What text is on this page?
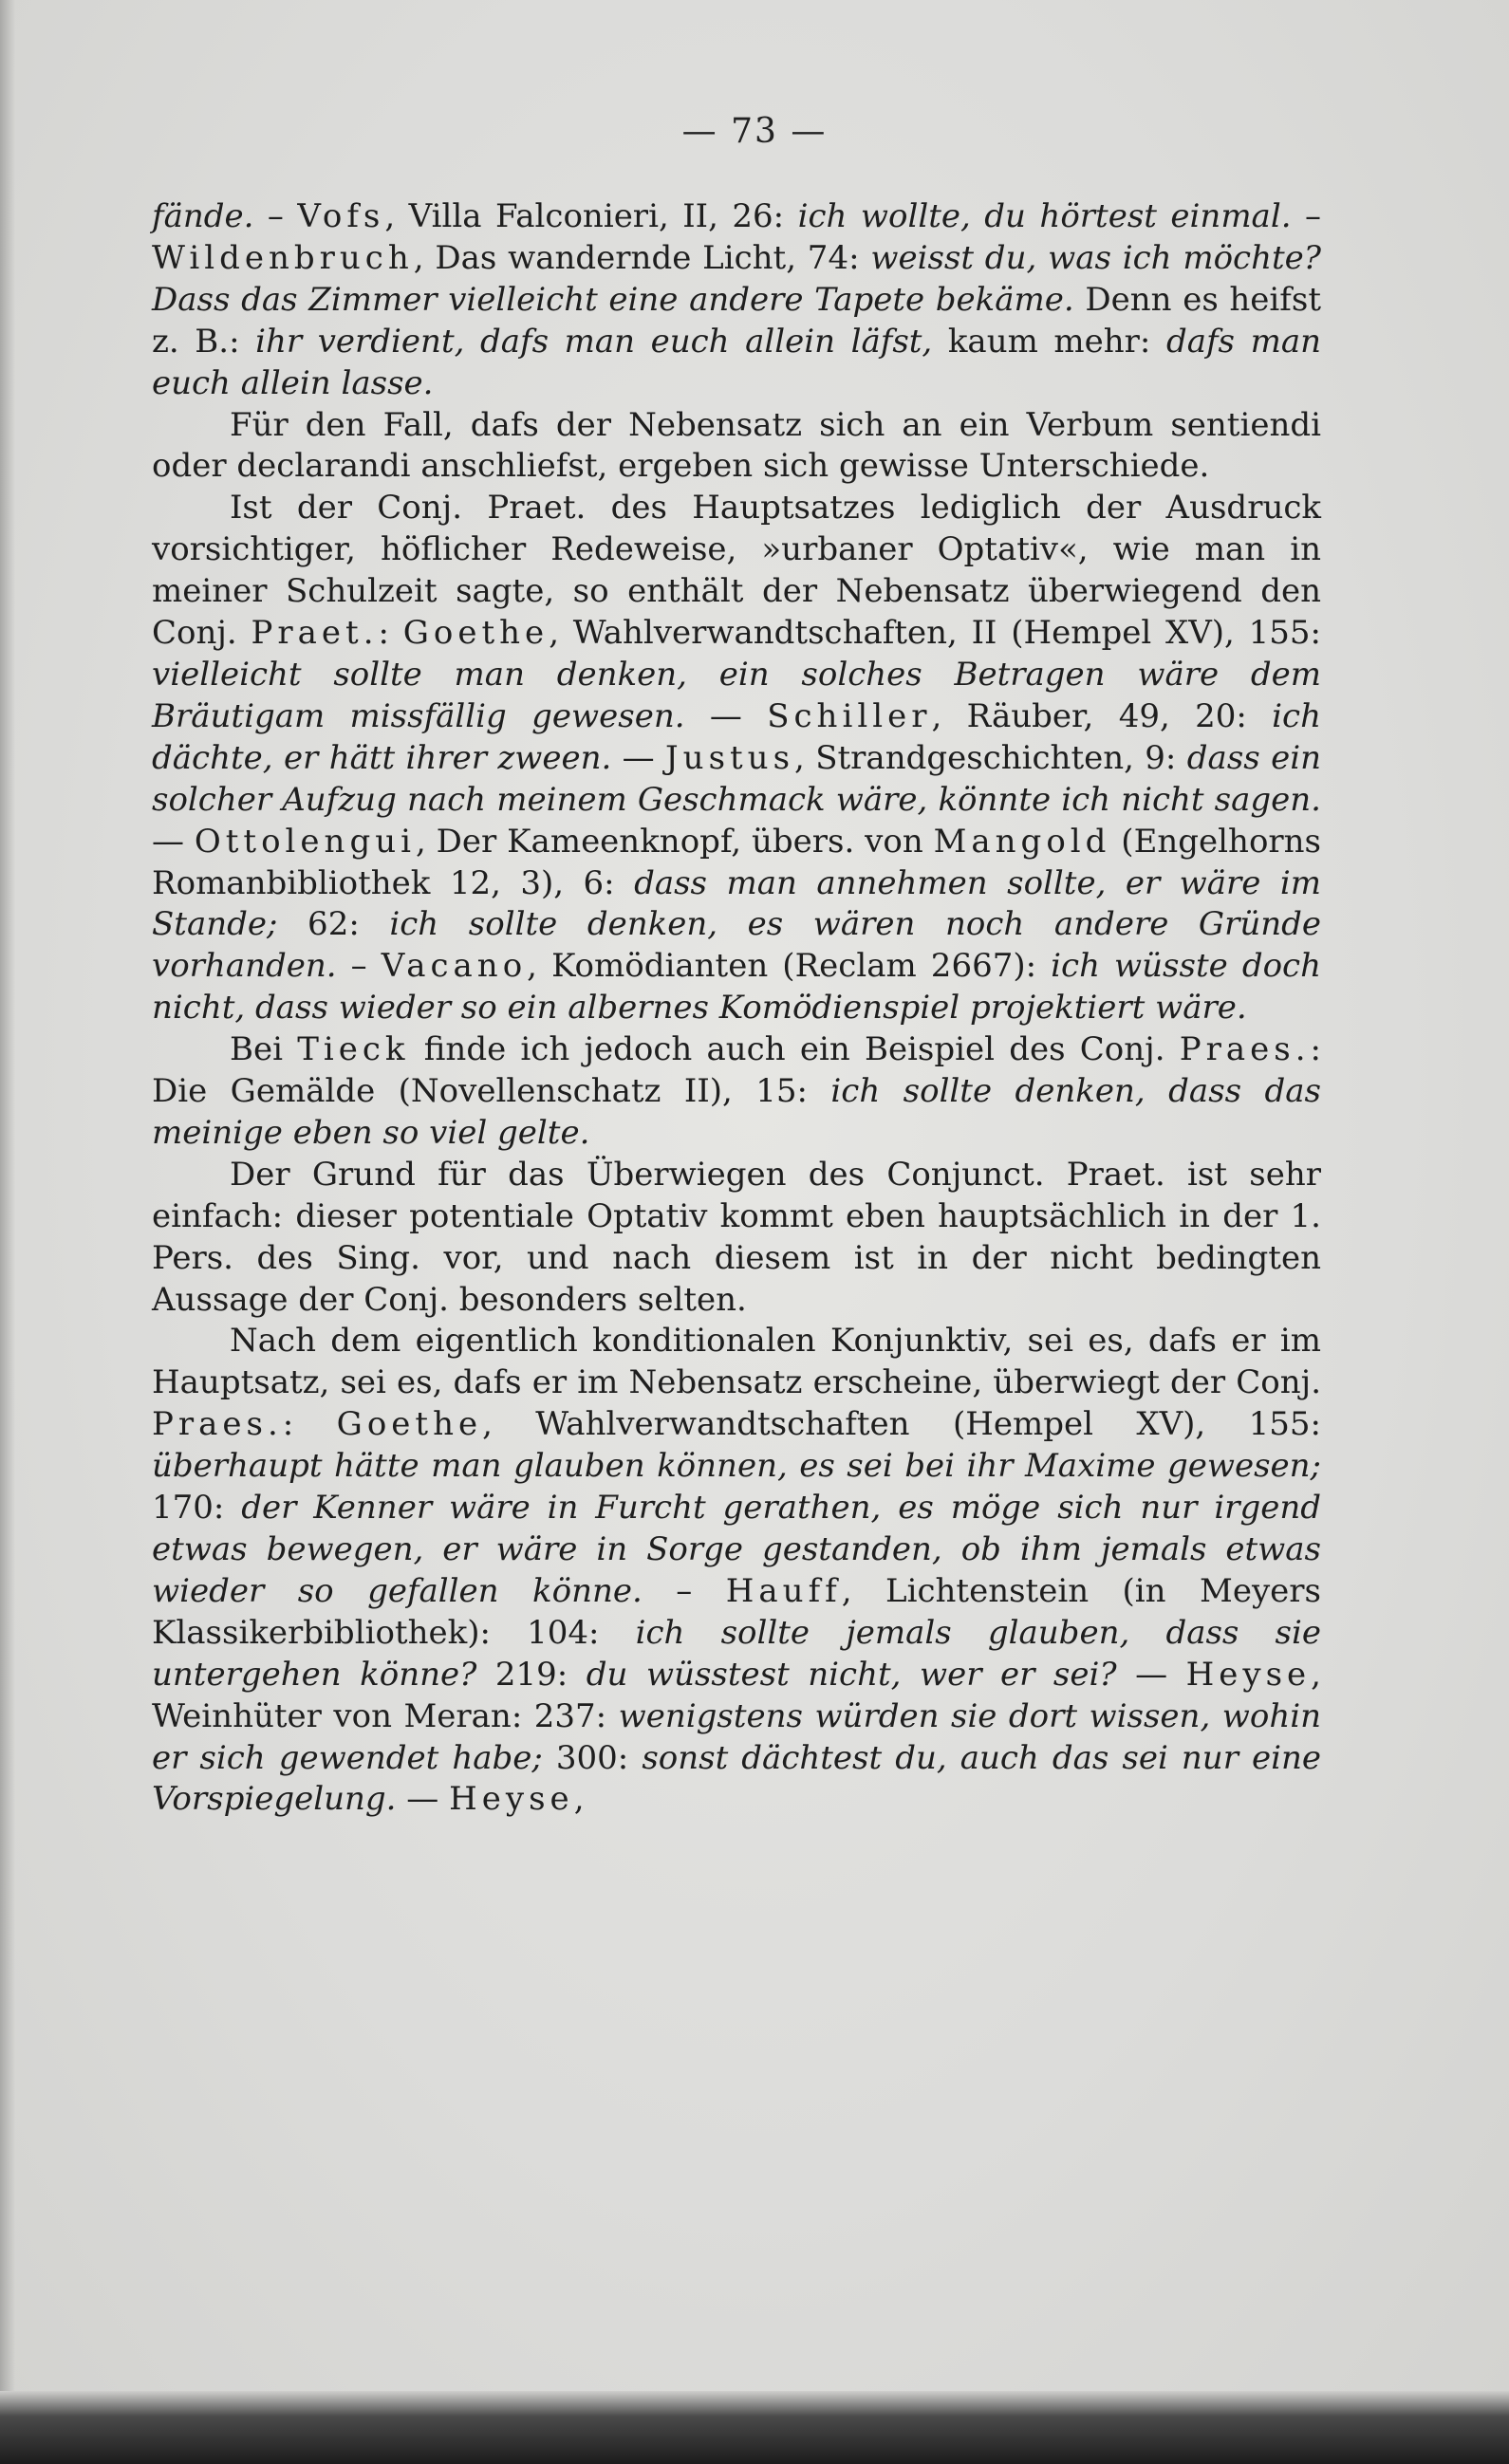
— 73 —

fände. – Vofs, Villa Falconieri, II, 26: ich wollte, du hörtest einmal. – Wildenbruch, Das wandernde Licht, 74: weisst du, was ich möchte? Dass das Zimmer vielleicht eine andere Tapete bekäme. Denn es heifst z. B.: ihr verdient, dafs man euch allein läfst, kaum mehr: dafs man euch allein lasse.

Für den Fall, dafs der Nebensatz sich an ein Verbum sentiendi oder declarandi anschliefst, ergeben sich gewisse Unterschiede.

Ist der Conj. Praet. des Hauptsatzes lediglich der Ausdruck vorsichtiger, höflicher Redeweise, »urbaner Optativ«, wie man in meiner Schulzeit sagte, so enthält der Nebensatz überwiegend den Conj. Praet.: Goethe, Wahlverwandtschaften, II (Hempel XV), 155: vielleicht sollte man denken, ein solches Betragen wäre dem Bräutigam missfällig gewesen. — Schiller, Räuber, 49, 20: ich dächte, er hätt ihrer zween. — Justus, Strandgeschichten, 9: dass ein solcher Aufzug nach meinem Geschmack wäre, könnte ich nicht sagen. — Ottolengui, Der Kameenknopf, übers. von Mangold (Engelhorns Romanbibliothek 12, 3), 6: dass man annehmen sollte, er wäre im Stande; 62: ich sollte denken, es wären noch andere Gründe vorhanden. – Vacano, Komödianten (Reclam 2667): ich wüsste doch nicht, dass wieder so ein albernes Komödienspiel projektiert wäre.

Bei Tieck finde ich jedoch auch ein Beispiel des Conj. Praes.: Die Gemälde (Novellenschatz II), 15: ich sollte denken, dass das meinige eben so viel gelte.

Der Grund für das Überwiegen des Conjunct. Praet. ist sehr einfach: dieser potentiale Optativ kommt eben hauptsächlich in der 1. Pers. des Sing. vor, und nach diesem ist in der nicht bedingten Aussage der Conj. besonders selten.

Nach dem eigentlich konditionalen Konjunktiv, sei es, dafs er im Hauptsatz, sei es, dafs er im Nebensatz erscheine, überwiegt der Conj. Praes.: Goethe, Wahlverwandtschaften (Hempel XV), 155: überhaupt hätte man glauben können, es sei bei ihr Maxime gewesen; 170: der Kenner wäre in Furcht gerathen, es möge sich nur irgend etwas bewegen, er wäre in Sorge gestanden, ob ihm jemals etwas wieder so gefallen könne. – Hauff, Lichtenstein (in Meyers Klassikerbibliothek): 104: ich sollte jemals glauben, dass sie untergehen könne? 219: du wüsstest nicht, wer er sei? — Heyse, Weinhüter von Meran: 237: wenigstens würden sie dort wissen, wohin er sich gewendet habe; 300: sonst dächtest du, auch das sei nur eine Vorspiegelung. — Heyse,
